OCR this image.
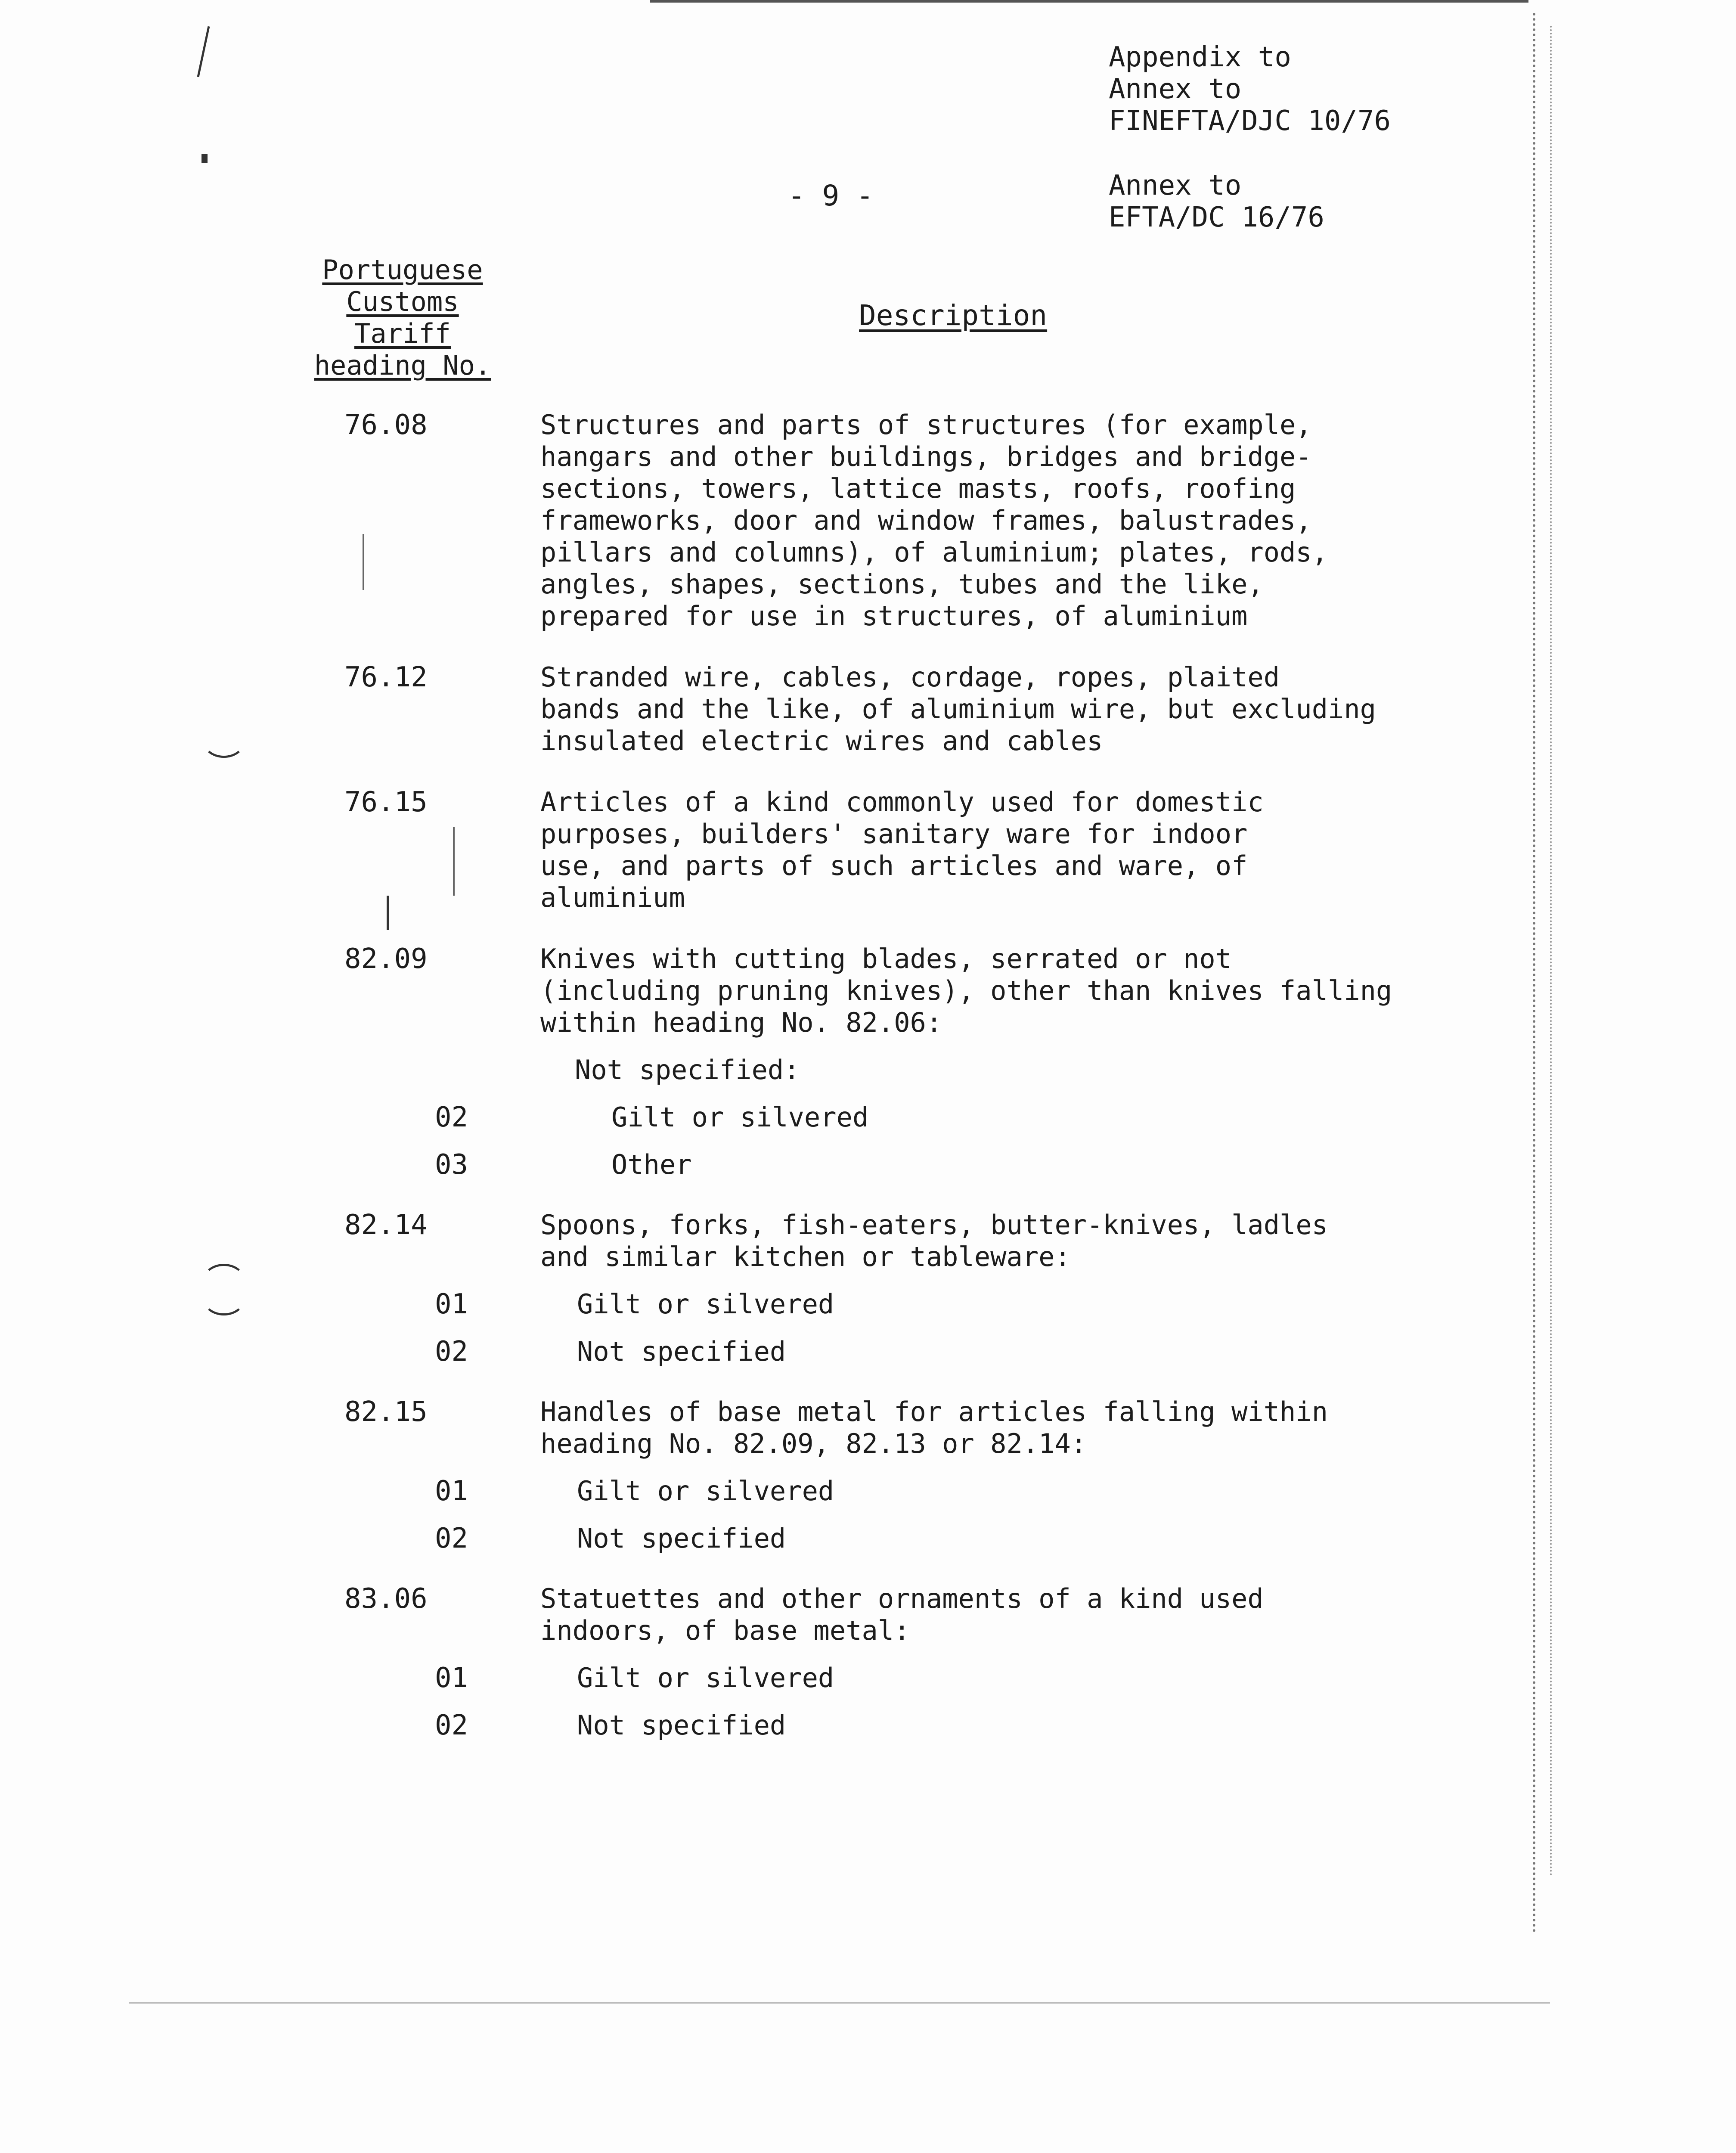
Appendix to
Annex to
FINEFTA/DJC 10/76
Annex to
EFTA/DC 16/76
- 9 -
Portuguese
Customs
Tariff
heading No.
Description
76.08	Structures and parts of structures (for example,
hangars and other buildings, bridges and bridge-
sections, towers, lattice masts, roofs, roofing
frameworks, door and window frames, balustrades,
pillars and columns), of aluminium; plates, rods,
angles, shapes, sections, tubes and the like,
prepared for use in structures, of aluminium
76.12	Stranded wire, cables, cordage, ropes, plaited
bands and the like, of aluminium wire, but excluding
insulated electric wires and cables
76.15	Articles of a kind commonly used for domestic
purposes, builders' sanitary ware for indoor
use, and parts of such articles and ware, of
aluminium
82.09	Knives with cutting blades, serrated or not
(including pruning knives), other than knives falling
within heading No. 82.06:
Not specified:
02	Gilt or silvered
03	Other
82.14	Spoons, forks, fish-eaters, butter-knives, ladles
and similar kitchen or tableware:
01	Gilt or silvered
02	Not specified
82.15	Handles of base metal for articles falling within
heading No. 82.09, 82.13 or 82.14:
01	Gilt or silvered
02	Not specified
83.06	Statuettes and other ornaments of a kind used
indoors, of base metal:
01	Gilt or silvered
02	Not specified
